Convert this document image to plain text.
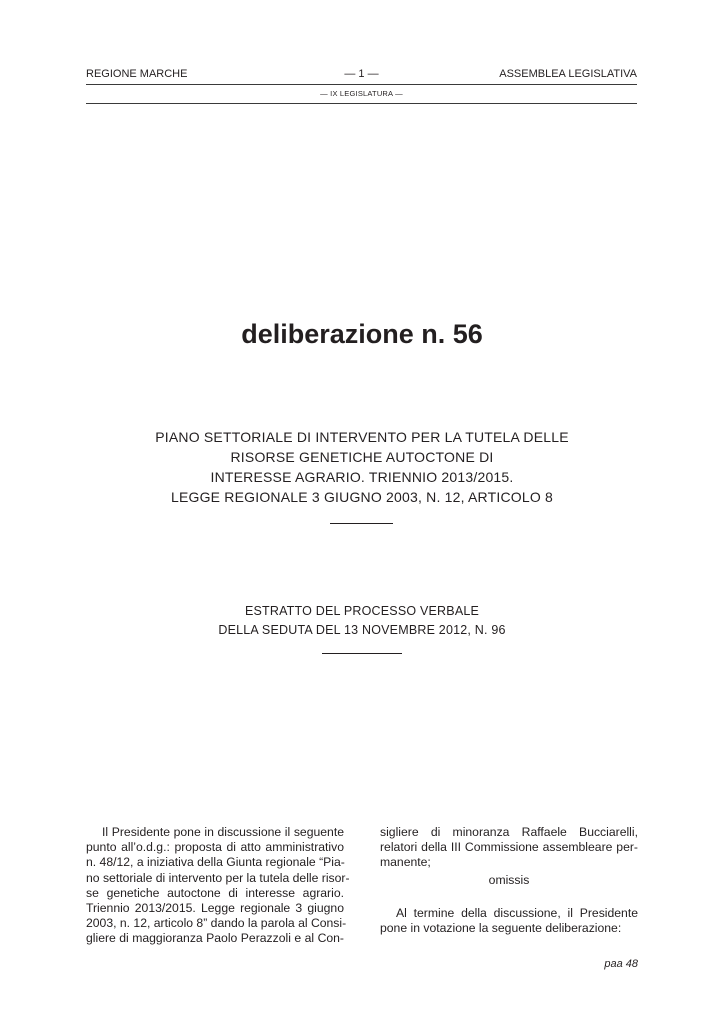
REGIONE MARCHE	— 1 —	ASSEMBLEA LEGISLATIVA
— IX LEGISLATURA —
deliberazione n. 56
PIANO SETTORIALE DI INTERVENTO PER LA TUTELA DELLE
RISORSE GENETICHE AUTOCTONE DI
INTERESSE AGRARIO. TRIENNIO 2013/2015.
LEGGE REGIONALE 3 GIUGNO 2003, N. 12, ARTICOLO 8
ESTRATTO DEL PROCESSO VERBALE
DELLA SEDUTA DEL 13 NOVEMBRE 2012, N. 96

Il Presidente pone in discussione il seguente
punto all’o.d.g.: proposta di atto amministrativo
n. 48/12, a iniziativa della Giunta regionale “Pia-
no settoriale di intervento per la tutela delle risor-
se genetiche autoctone di interesse agrario.
Triennio 2013/2015. Legge regionale 3 giugno
2003, n. 12, articolo 8” dando la parola al Consi-
gliere di maggioranza Paolo Perazzoli e al Con-

sigliere di minoranza Raffaele Bucciarelli,
relatori della III Commissione assembleare per-
manente;

omissis

Al termine della discussione, il Presidente
pone in votazione la seguente deliberazione:

paa 48
